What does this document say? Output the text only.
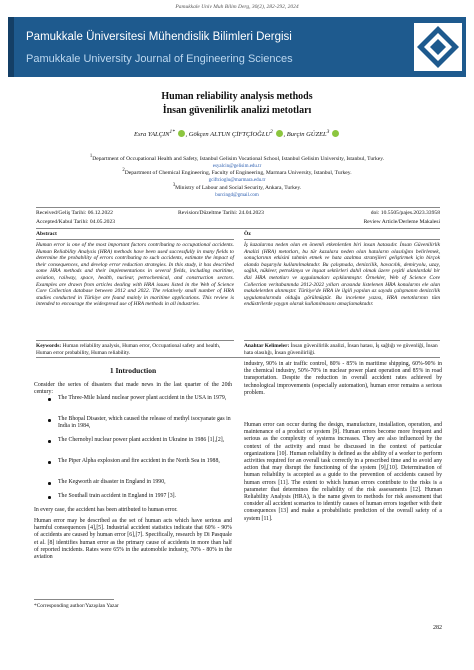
Pamukkale Univ Muh Bilim Derg, 30(2), 282-292, 2024
Pamukkale Üniversitesi Mühendislik Bilimleri Dergisi
Pamukkale University Journal of Engineering Sciences
Human reliability analysis methods
İnsan güvenilirlik analizi metotları
Esra $YALÇIN^{1*}$ , Gökçen ALTUN ÇİFTÇİOĞLU$^2$ , Burçin GÜZEL$^3$
$^1$Department of Occupational Health and Safety, Istanbul Gelisim Vocational School, Istanbul Gelisim University, Istanbul, Turkey.
esyalcin@gelisim.edu.tr
$^2$Department of Chemical Engineering, Faculty of Engineering, Marmara University, Istanbul, Turkey.
gciftcioglu@marmara.edu.tr
$^3$Ministry of Labour and Social Security, Ankara, Turkey.
burcingd@gmail.com
Received/Geliş Tarihi: 06.12.2022	Revision/Düzeltme Tarihi: 24.04.2023	doi: 10.5505/pajes.2023.33958
Accepted/Kabul Tarihi: 04.05.2023	Review Article/Derleme Makalesi
Abstract
Human error is one of the most important factors contributing to occupational accidents. Human Reliability Analysis (HRA) methods have been used successfully in many fields to determine the probability of errors contributing to such accidents, estimate the impact of their consequences, and develop error reduction strategies. In this study, it has described some HRA methods and their implementations in several fields, including maritime, aviation, railway, space, health, nuclear, petrochemical, and construction sectors. Examples are drawn from articles dealing with HRA issues listed in the Web of Science Core Collection database between 2012 and 2022. The relatively small number of HRA studies conducted in Türkiye are found mainly in maritime applications. This review is intended to encourage the widespread use of HRA methods in all industries.
Keywords: Human reliability analysis, Human error, Occupational safety and health, Human error probability, Human reliability.
Öz
İş kazalarına neden olan en önemli etkenlerden biri insan hatasıdır. İnsan Güvenilirlik Analizi (HRA) metotları, bu tür kazalara neden olan hataların olasılığını belirlemek, sonuçlarının etkisini tahmin etmek ve hata azaltma stratejileri geliştirmek için birçok alanda başarıyla kullanılmaktadır. Bu çalışmada, denizcilik, havacılık, demiryolu, uzay, sağlık, nükleer, petrokimya ve inşaat sektörleri dahil olmak üzere çeşitli alanlardaki bir dizi HRA metotları ve uygulamaları açıklanmıştır. Örnekler, Web of Science Core Collection veritabanında 2012-2022 yılları arasında listelenen HRA konularını ele alan makalelerden alınmıştır. Türkiye'de HRA ile ilgili yapılan az sayıda çalışmanın denizcilik uygulamalarında olduğu görülmüştür. Bu inceleme yazısı, HRA metotlarının tüm endüstrilerde yaygın olarak kullanılmasını amaçlamaktadır.
Anahtar Kelimeler: İnsan güvenilirlik analizi, İnsan hatası, İş sağlığı ve güvenliği, İnsan hata olasılığı, İnsan güvenilirliği.
1 Introduction
Consider the series of disasters that made news in the last quarter of the 20th century:
The Three-Mile Island nuclear power plant accident in the USA in 1979,
The Bhopal Disaster, which caused the release of methyl isocyanate gas in India in 1984,
The Chernobyl nuclear power plant accident in Ukraine in 1986 [1],[2],
The Piper Alpha explosion and fire accident in the North Sea in 1988,
The Kegworth air disaster in England in 1990,
The Southall train accident in England in 1997 [3].
In every case, the accident has been attributed to human error.
Human error may be described as the set of human acts which have serious and harmful consequences [4],[5]. Industrial accident statistics indicate that 60% - 90% of accidents are caused by human error [6],[7]. Specifically, research by Di Pasquale et al. [8] identifies human error as the primary cause of accidents in more than half of reported incidents. Rates were 65% in the automobile industry, 70% - 80% in the aviation
industry, 90% in air traffic control, 80% - 85% in maritime shipping, 60%-90% in the chemical industry, 50%-70% in nuclear power plant operation and 85% in road transportation. Despite the reduction in overall accident rates achieved by technological improvements (especially automation), human error remains a serious problem.
Human error can occur during the design, manufacture, installation, operation, and maintenance of a product or system [9]. Human errors become more frequent and serious as the complexity of systems increases. They are also influenced by the context of the activity and must be discussed in the context of particular organizations [10]. Human reliability is defined as the ability of a worker to perform activities required for an overall task correctly in a prescribed time and to avoid any action that may disrupt the functioning of the system [9],[10]. Determination of human reliability is accepted as a guide to the prevention of accidents caused by human errors [11]. The extent to which human errors contribute to the risks is a parameter that determines the reliability of the risk assessments [12]. Human Reliability Analysis (HRA), is the name given to methods for risk assessment that consider all accident scenarios to identify causes of human errors together with their consequences [13] and make a probabilistic prediction of the overall safety of a system [11].
*Corresponding author/Yazışılan Yazar
282
